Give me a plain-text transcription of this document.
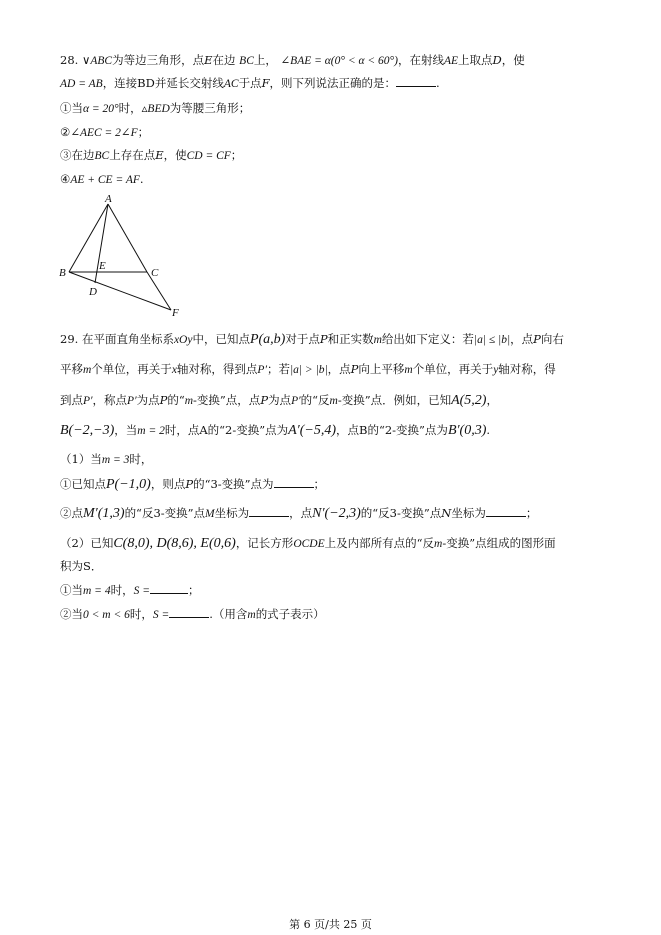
28. ∨ABC为等边三角形，点E在边 BC上， ∠BAE = α(0° < α < 60°)，在射线AE上取点D，使
AD = AB，连接BD并延长交射线AC于点F，则下列说法正确的是：	.
①当α = 20°时，▵BED为等腰三角形；
②∠AEC = 2∠F；
③在边BC上存在点E，使CD = CF；
④AE + CE = AF.
A
B	C
D
E
F
29. 在平面直角坐标系xOy中，已知点P(a,b)对于点P和正实数m给出如下定义：若|a| ≤ |b|，点P向右
平移m个单位，再关于x轴对称，得到点P′；若|a| > |b|，点P向上平移m个单位，再关于y轴对称，得
到点P′，称点P′为点P的“m-变换”点，点P为点P′的“反m-变换”点．例如，已知A(5,2)，
B(−2,−3)，当m = 2时，点A的“2-变换”点为A′(−5,4)，点B的“2-变换”点为B′(0,3).
（1）当m = 3时，
①已知点P(−1,0)，则点P的“3-变换”点为	；
②点M′(1,3)的“反3-变换”点M坐标为	，点N′(−2,3)的“反3-变换”点N坐标为	；
（2）已知C(8,0), D(8,6), E(0,6)，记长方形OCDE上及内部所有点的“反m-变换”点组成的图形面
积为S．
①当m = 4时，S =	；
②当0 < m < 6时，S =	.（用含m的式子表示）
第 6 页/共 25 页
